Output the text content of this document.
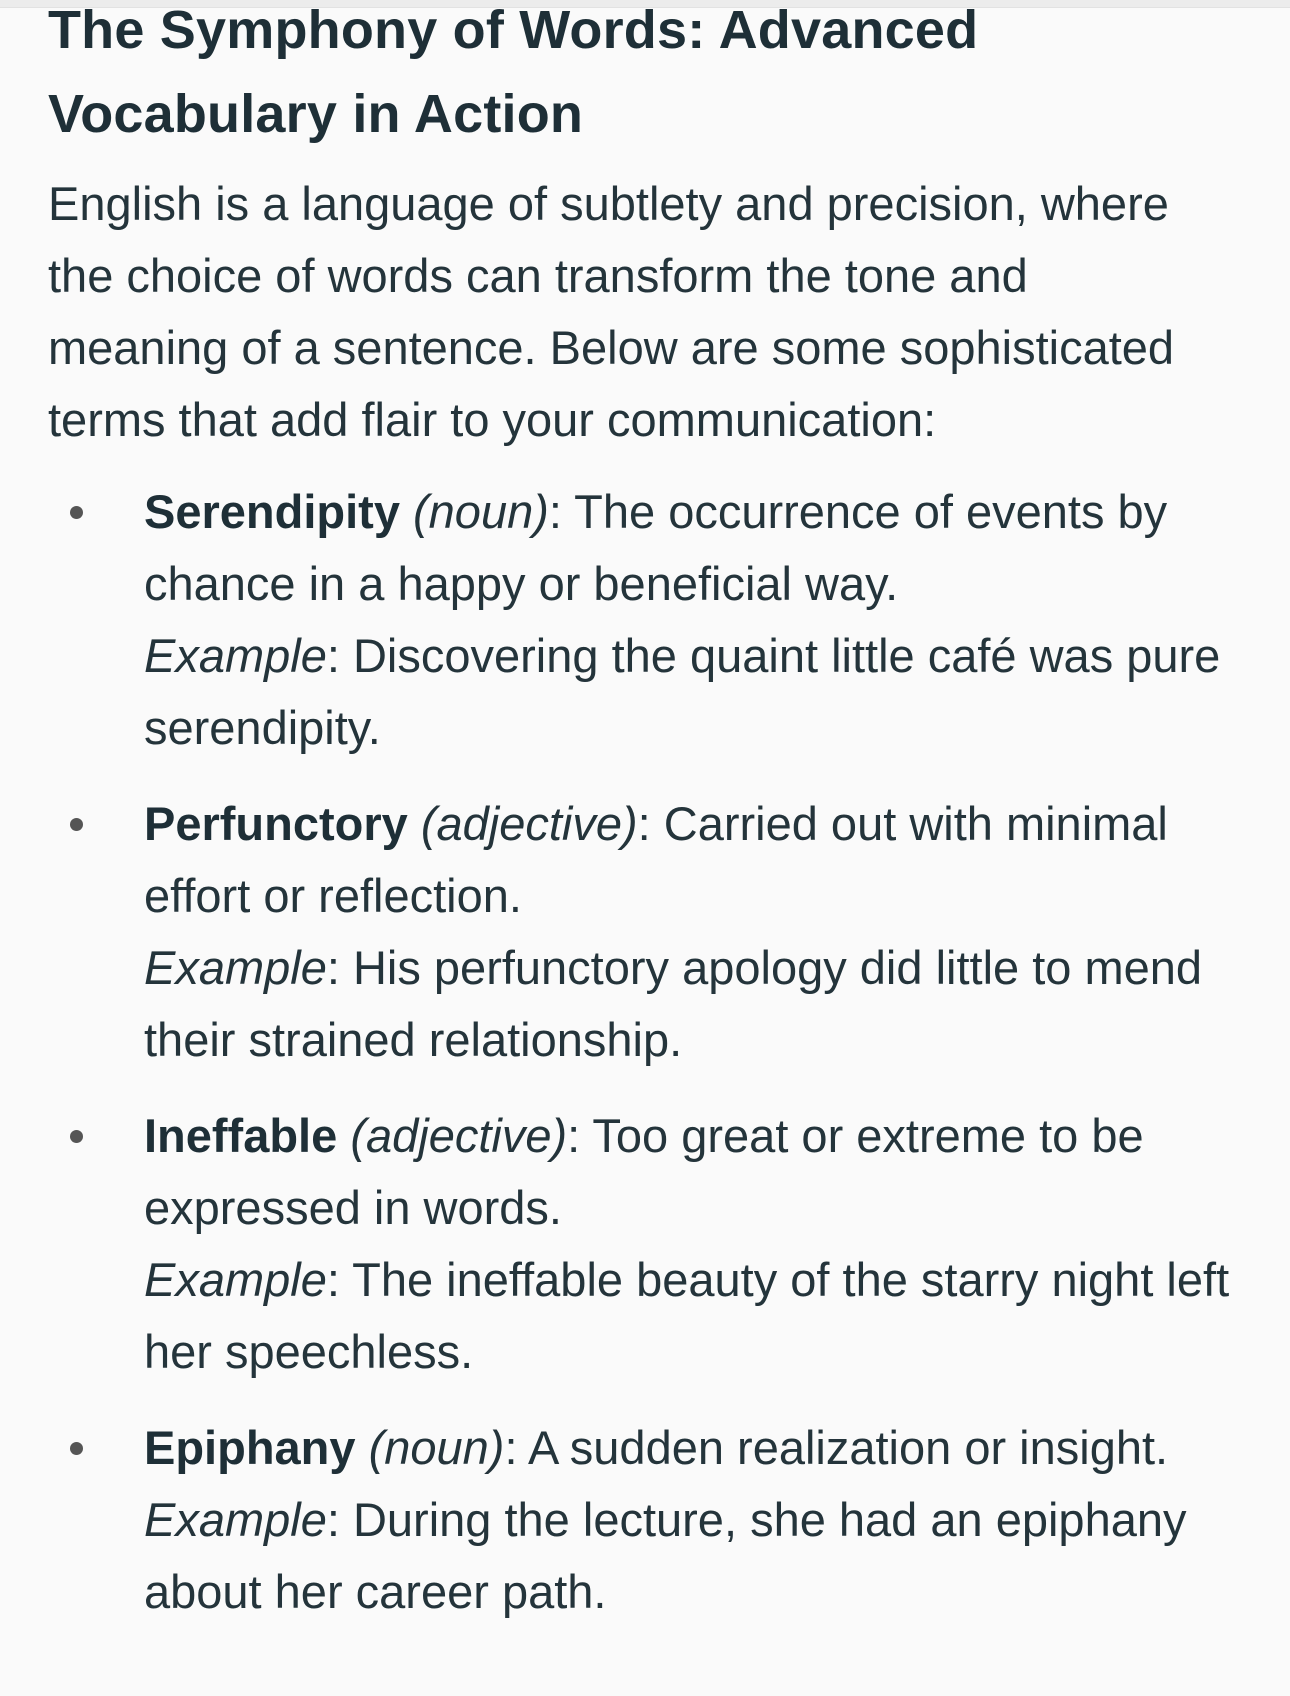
The Symphony of Words: Advanced Vocabulary in Action

English is a language of subtlety and precision, where the choice of words can transform the tone and meaning of a sentence. Below are some sophisticated terms that add flair to your communication:

Serendipity (noun): The occurrence of events by chance in a happy or beneficial way.
Example: Discovering the quaint little café was pure serendipity.
Perfunctory (adjective): Carried out with minimal effort or reflection.
Example: His perfunctory apology did little to mend their strained relationship.
Ineffable (adjective): Too great or extreme to be expressed in words.
Example: The ineffable beauty of the starry night left her speechless.
Epiphany (noun): A sudden realization or insight.
Example: During the lecture, she had an epiphany about her career path.
